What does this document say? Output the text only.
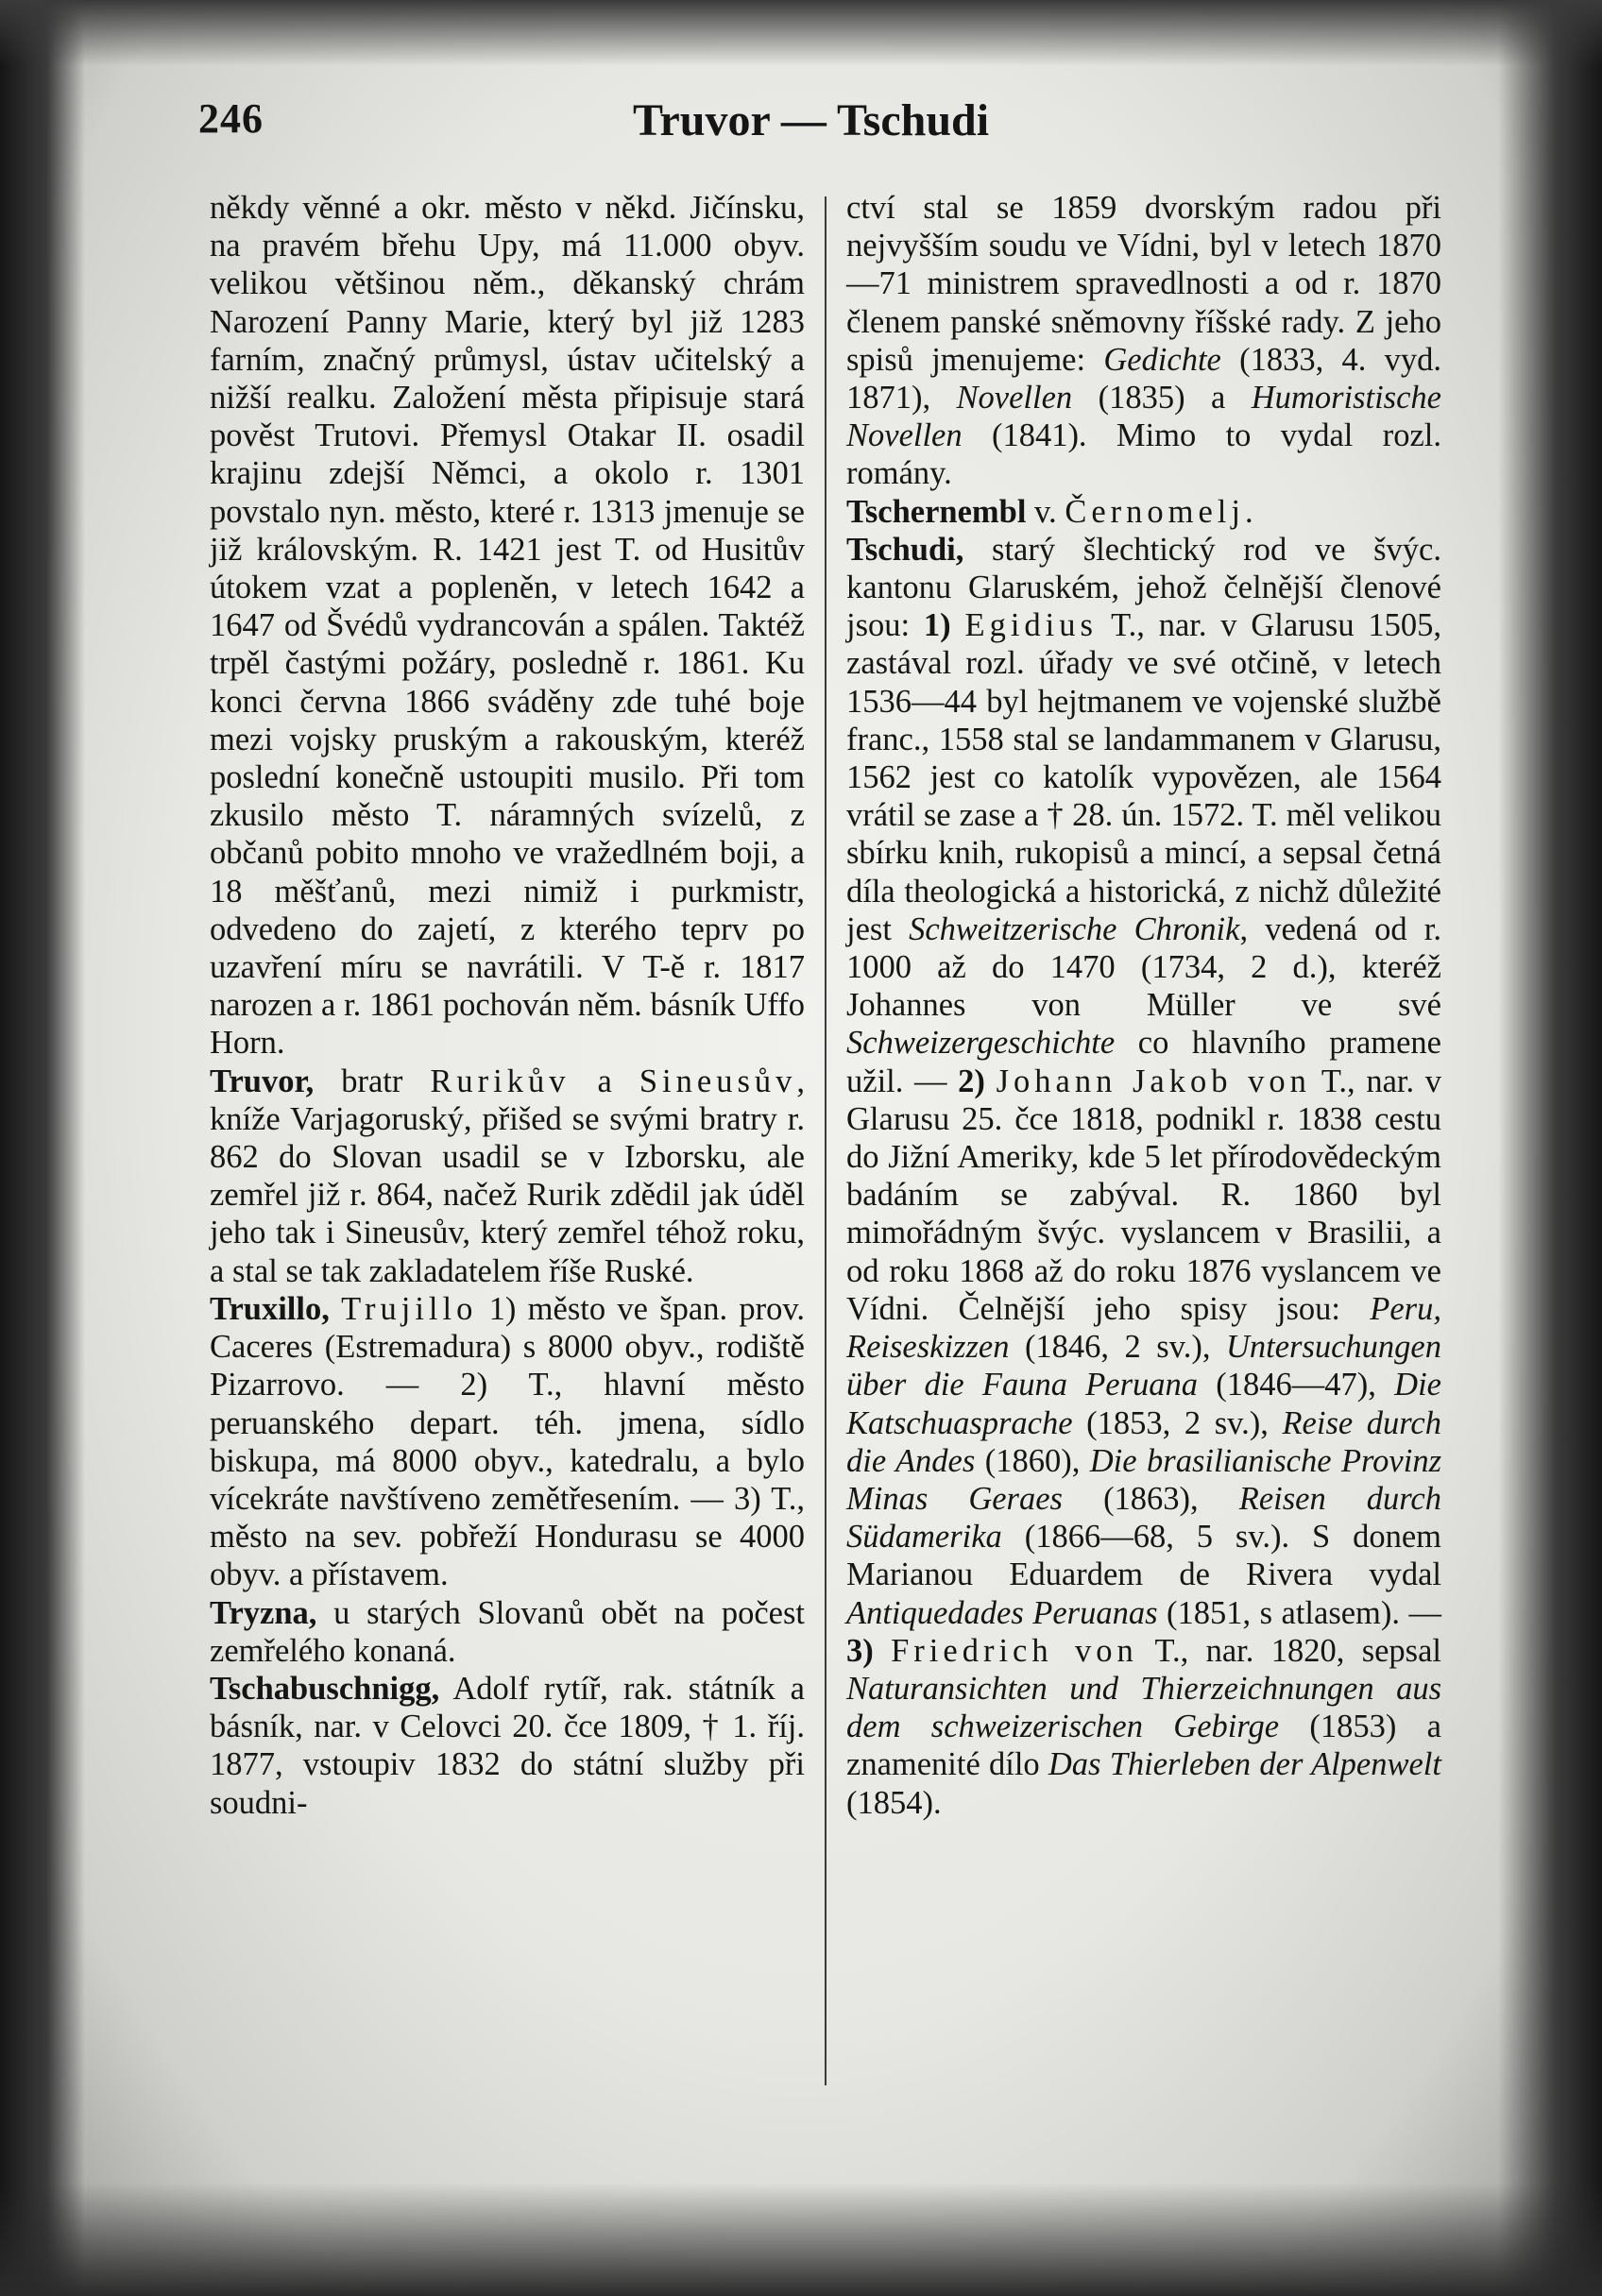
246	Truvor — Tschudi

někdy věnné a okr. město v někd. Jičínsku, na pravém břehu Upy, má 11.000 obyv. velikou většinou něm., děkanský chrám Narození Panny Marie, který byl již 1283 farním, značný průmysl, ústav učitelský a nižší realku. Založení města připisuje stará pověst Trutovi. Přemysl Otakar II. osadil krajinu zdejší Němci, a okolo r. 1301 povstalo nyn. město, které r. 1313 jmenuje se již královským. R. 1421 jest T. od Husitův útokem vzat a popleněn, v letech 1642 a 1647 od Švédů vydrancován a spálen. Taktéž trpěl častými požáry, posledně r. 1861. Ku konci června 1866 sváděny zde tuhé boje mezi vojsky pruským a rakouským, kteréž poslední konečně ustoupiti musilo. Při tom zkusilo město T. náramných svízelů, z občanů pobito mnoho ve vražedlném boji, a 18 měšťanů, mezi nimiž i purkmistr, odvedeno do zajetí, z kterého teprv po uzavření míru se navrátili. V T-ě r. 1817 narozen a r. 1861 pochován něm. básník Uffo Horn.

Truvor, bratr Rurikův a Sineusův, kníže Varjagoruský, přišed se svými bratry r. 862 do Slovan usadil se v Izborsku, ale zemřel již r. 864, načež Rurik zdědil jak úděl jeho tak i Sineusův, který zemřel téhož roku, a stal se tak zakladatelem říše Ruské.

Truxillo, Trujillo 1) město ve špan. prov. Caceres (Estremadura) s 8000 obyv., rodiště Pizarrovo. — 2) T., hlavní město peruanského depart. téh. jmena, sídlo biskupa, má 8000 obyv., katedralu, a bylo vícekráte navštíveno zemětřesením. — 3) T., město na sev. pobřeží Hondurasu se 4000 obyv. a přístavem.

Tryzna, u starých Slovanů obět na počest zemřelého konaná.

Tschabuschnigg, Adolf rytíř, rak. státník a básník, nar. v Celovci 20. čce 1809, † 1. říj. 1877, vstoupiv 1832 do státní služby při soudni-

ctví stal se 1859 dvorským radou při nejvyšším soudu ve Vídni, byl v letech 1870—71 ministrem spravedlnosti a od r. 1870 členem panské sněmovny říšské rady. Z jeho spisů jmenujeme: Gedichte (1833, 4. vyd. 1871), Novellen (1835) a Humoristische Novellen (1841). Mimo to vydal rozl. romány.

Tschernembl v. Černomelj.

Tschudi, starý šlechtický rod ve švýc. kantonu Glaruském, jehož čelnější členové jsou: 1) Egidius T., nar. v Glarusu 1505, zastával rozl. úřady ve své otčině, v letech 1536—44 byl hejtmanem ve vojenské službě franc., 1558 stal se landammanem v Glarusu, 1562 jest co katolík vypovězen, ale 1564 vrátil se zase a † 28. ún. 1572. T. měl velikou sbírku knih, rukopisů a mincí, a sepsal četná díla theologická a historická, z nichž důležité jest Schweitzerische Chronik, vedená od r. 1000 až do 1470 (1734, 2 d.), kteréž Johannes von Müller ve své Schweizergeschichte co hlavního pramene užil. — 2) Johann Jakob von T., nar. v Glarusu 25. čce 1818, podnikl r. 1838 cestu do Jižní Ameriky, kde 5 let přírodovědeckým badáním se zabýval. R. 1860 byl mimořádným švýc. vyslancem v Brasilii, a od roku 1868 až do roku 1876 vyslancem ve Vídni. Čelnější jeho spisy jsou: Peru, Reiseskizzen (1846, 2 sv.), Untersuchungen über die Fauna Peruana (1846—47), Die Katschuasprache (1853, 2 sv.), Reise durch die Andes (1860), Die brasilianische Provinz Minas Geraes (1863), Reisen durch Südamerika (1866—68, 5 sv.). S donem Marianou Eduardem de Rivera vydal Antiquedades Peruanas (1851, s atlasem). — 3) Friedrich von T., nar. 1820, sepsal Naturansichten und Thierzeichnungen aus dem schweizerischen Gebirge (1853) a znamenité dílo Das Thierleben der Alpenwelt (1854).
